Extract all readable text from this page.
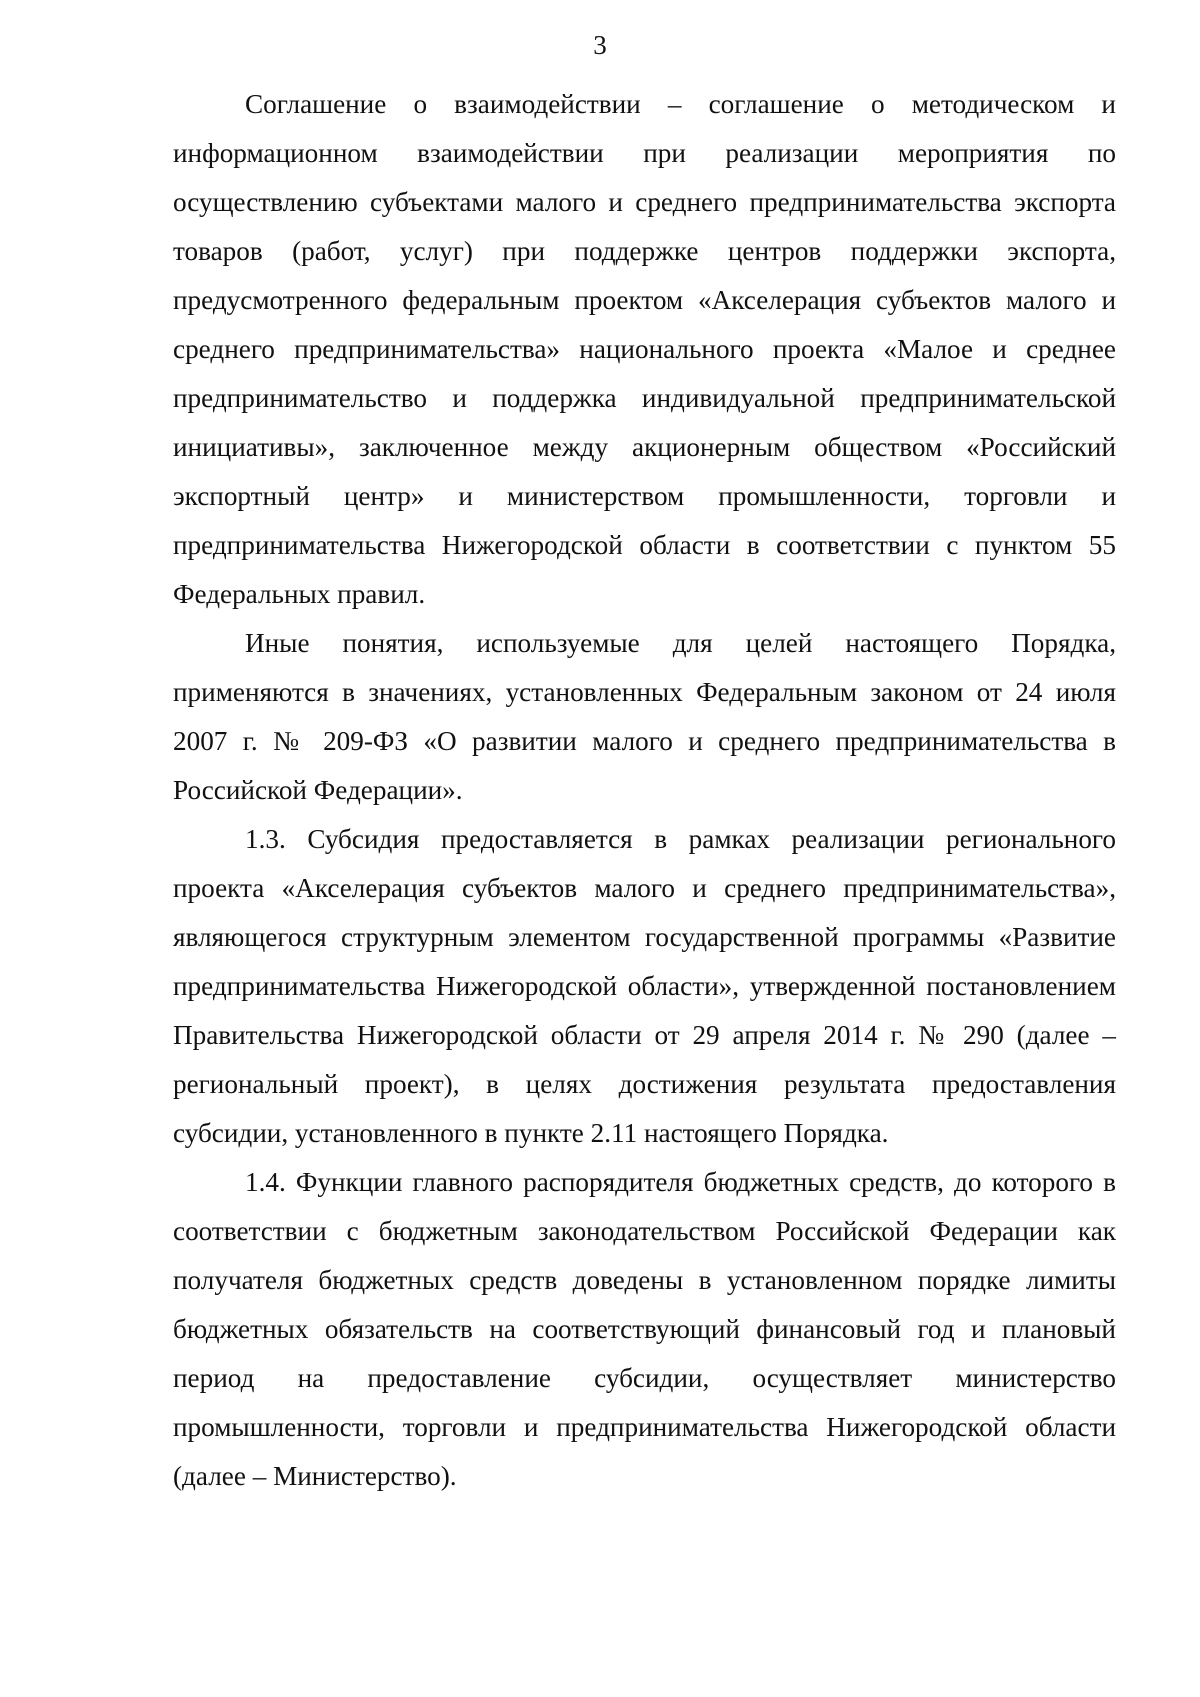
3

Соглашение о взаимодействии – соглашение о методическом и информационном взаимодействии при реализации мероприятия по осуществлению субъектами малого и среднего предпринимательства экспорта товаров (работ, услуг) при поддержке центров поддержки экспорта, предусмотренного федеральным проектом «Акселерация субъектов малого и среднего предпринимательства» национального проекта «Малое и среднее предпринимательство и поддержка индивидуальной предпринимательской инициативы», заключенное между акционерным обществом «Российский экспортный центр» и министерством промышленности, торговли и предпринимательства Нижегородской области в соответствии с пунктом 55 Федеральных правил.

Иные понятия, используемые для целей настоящего Порядка, применяются в значениях, установленных Федеральным законом от 24 июля 2007 г. № 209-ФЗ «О развитии малого и среднего предпринимательства в Российской Федерации».

1.3. Субсидия предоставляется в рамках реализации регионального проекта «Акселерация субъектов малого и среднего предпринимательства», являющегося структурным элементом государственной программы «Развитие предпринимательства Нижегородской области», утвержденной постановлением Правительства Нижегородской области от 29 апреля 2014 г. № 290 (далее – региональный проект), в целях достижения результата предоставления субсидии, установленного в пункте 2.11 настоящего Порядка.

1.4. Функции главного распорядителя бюджетных средств, до которого в соответствии с бюджетным законодательством Российской Федерации как получателя бюджетных средств доведены в установленном порядке лимиты бюджетных обязательств на соответствующий финансовый год и плановый период на предоставление субсидии, осуществляет министерство промышленности, торговли и предпринимательства Нижегородской области (далее – Министерство).
